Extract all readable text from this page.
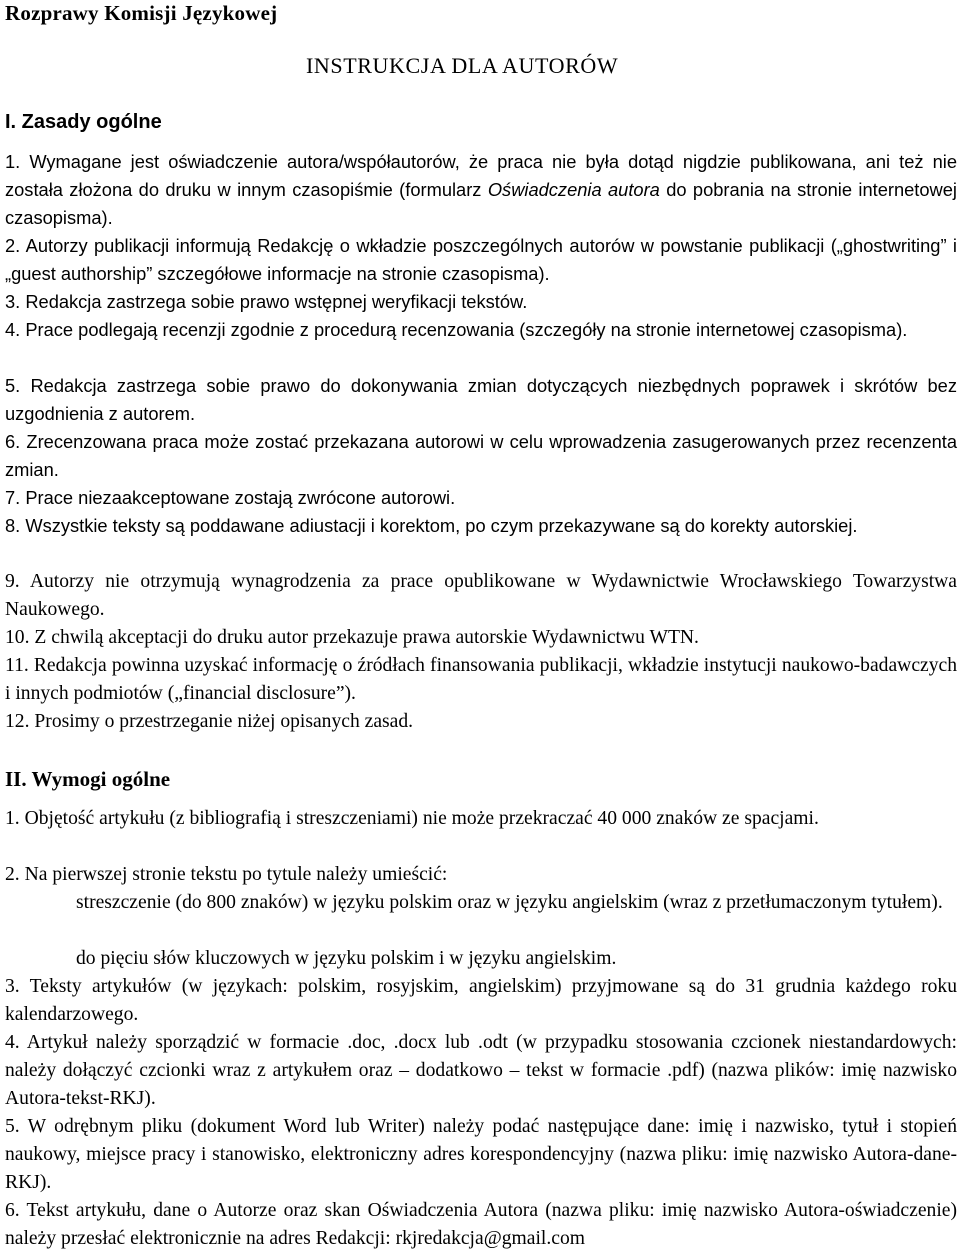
Rozprawy Komisji Językowej
INSTRUKCJA DLA AUTORÓW
I. Zasady ogólne

1. Wymagane jest oświadczenie autora/współautorów, że praca nie była dotąd nigdzie publikowana, ani też nie została złożona do druku w innym czasopiśmie (formularz Oświadczenia autora do pobrania na stronie internetowej czasopisma).

2. Autorzy publikacji informują Redakcję o wkładzie poszczególnych autorów w powstanie publikacji („ghostwriting” i „guest authorship” szczegółowe informacje na stronie czasopisma).

3. Redakcja zastrzega sobie prawo wstępnej weryfikacji tekstów.

4. Prace podlegają recenzji zgodnie z procedurą recenzowania (szczegóły na stronie internetowej czasopisma).

5. Redakcja zastrzega sobie prawo do dokonywania zmian dotyczących niezbędnych poprawek i skrótów bez uzgodnienia z autorem.

6. Zrecenzowana praca może zostać przekazana autorowi w celu wprowadzenia zasugerowanych przez recenzenta zmian.

7. Prace niezaakceptowane zostają zwrócone autorowi.

8. Wszystkie teksty są poddawane adiustacji i korektom, po czym przekazywane są do korekty autorskiej.

9. Autorzy nie otrzymują wynagrodzenia za prace opublikowane w Wydawnictwie Wrocławskiego Towarzystwa Naukowego.

10. Z chwilą akceptacji do druku autor przekazuje prawa autorskie Wydawnictwu WTN.

11. Redakcja powinna uzyskać informację o źródłach finansowania publikacji, wkładzie instytucji naukowo-badawczych i innych podmiotów („financial disclosure”).

12. Prosimy o przestrzeganie niżej opisanych zasad.

II. Wymogi ogólne

1. Objętość artykułu (z bibliografią i streszczeniami) nie może przekraczać 40 000 znaków ze spacjami.

2. Na pierwszej stronie tekstu po tytule należy umieścić:

streszczenie (do 800 znaków) w języku polskim oraz w języku angielskim (wraz z przetłumaczonym tytułem).

do pięciu słów kluczowych w języku polskim i w języku angielskim.

3. Teksty artykułów (w językach: polskim, rosyjskim, angielskim) przyjmowane są do 31 grudnia każdego roku kalendarzowego.

4. Artykuł należy sporządzić w formacie .doc, .docx lub .odt (w przypadku stosowania czcionek niestandardowych: należy dołączyć czcionki wraz z artykułem oraz – dodatkowo – tekst w formacie .pdf) (nazwa plików: imię nazwisko Autora-tekst-RKJ).

5. W odrębnym pliku (dokument Word lub Writer) należy podać następujące dane: imię i nazwisko, tytuł i stopień naukowy, miejsce pracy i stanowisko, elektroniczny adres korespondencyjny (nazwa pliku: imię nazwisko Autora-dane-RKJ).

6. Tekst artykułu, dane o Autorze oraz skan Oświadczenia Autora (nazwa pliku: imię nazwisko Autora-oświadczenie) należy przesłać elektronicznie na adres Redakcji: rkjredakcja@gmail.com
